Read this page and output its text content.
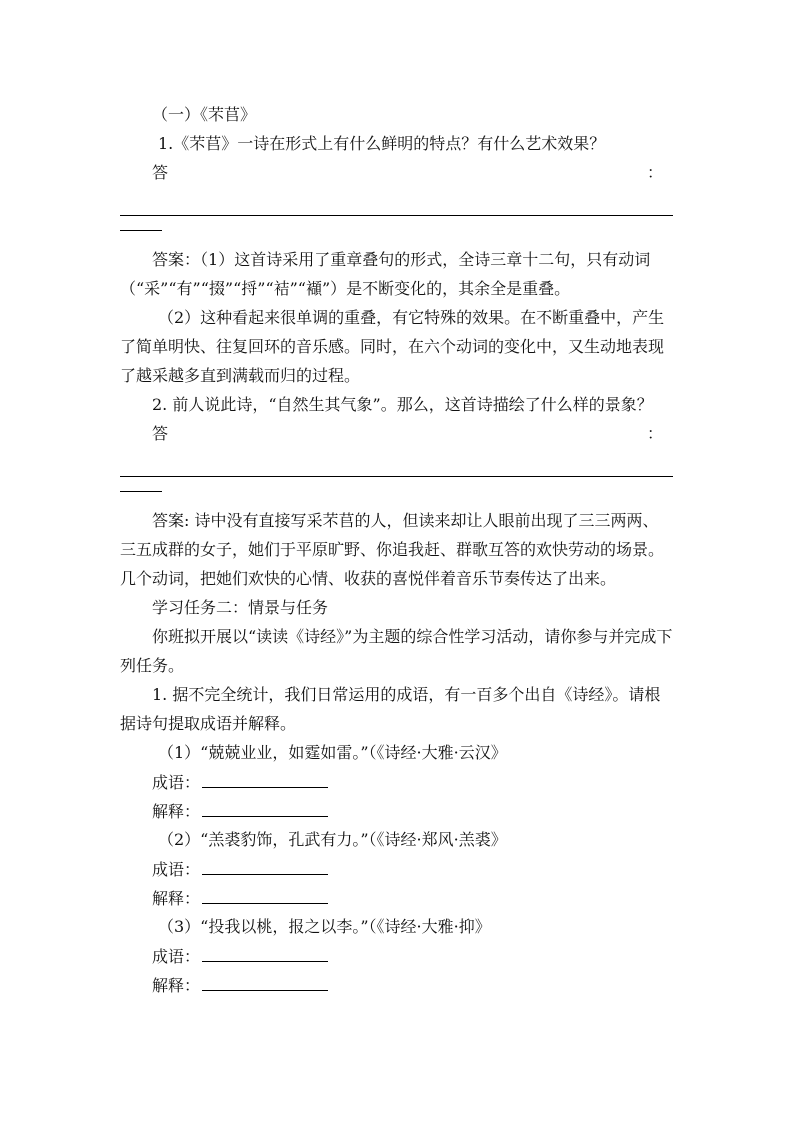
（一）《芣苢》
1.《芣苢》一诗在形式上有什么鲜明的特点？有什么艺术效果？
答	：
答案：（1）这首诗采用了重章叠句的形式，全诗三章十二句，只有动词（“采”“有”“掇”“捋”“袺”“襭”）是不断变化的，其余全是重叠。
（2）这种看起来很单调的重叠，有它特殊的效果。在不断重叠中，产生了简单明快、往复回环的音乐感。同时，在六个动词的变化中，又生动地表现了越采越多直到满载而归的过程。
2. 前人说此诗，“自然生其气象”。那么，这首诗描绘了什么样的景象？
答	：
答案: 诗中没有直接写采芣苢的人，但读来却让人眼前出现了三三两两、三五成群的女子，她们于平原旷野、你追我赶、群歌互答的欢快劳动的场景。几个动词，把她们欢快的心情、收获的喜悦伴着音乐节奏传达了出来。
学习任务二：情景与任务
你班拟开展以“读读《诗经》”为主题的综合性学习活动，请你参与并完成下列任务。
1. 据不完全统计，我们日常运用的成语，有一百多个出自《诗经》。请根据诗句提取成语并解释。
（1）“兢兢业业，如霆如雷。”（《诗经·大雅·云汉》
成语：
解释：
（2）“羔裘豹饰，孔武有力。”（《诗经·郑风·羔裘》
成语：
解释：
（3）“投我以桃，报之以李。”（《诗经·大雅·抑》
成语：
解释：
